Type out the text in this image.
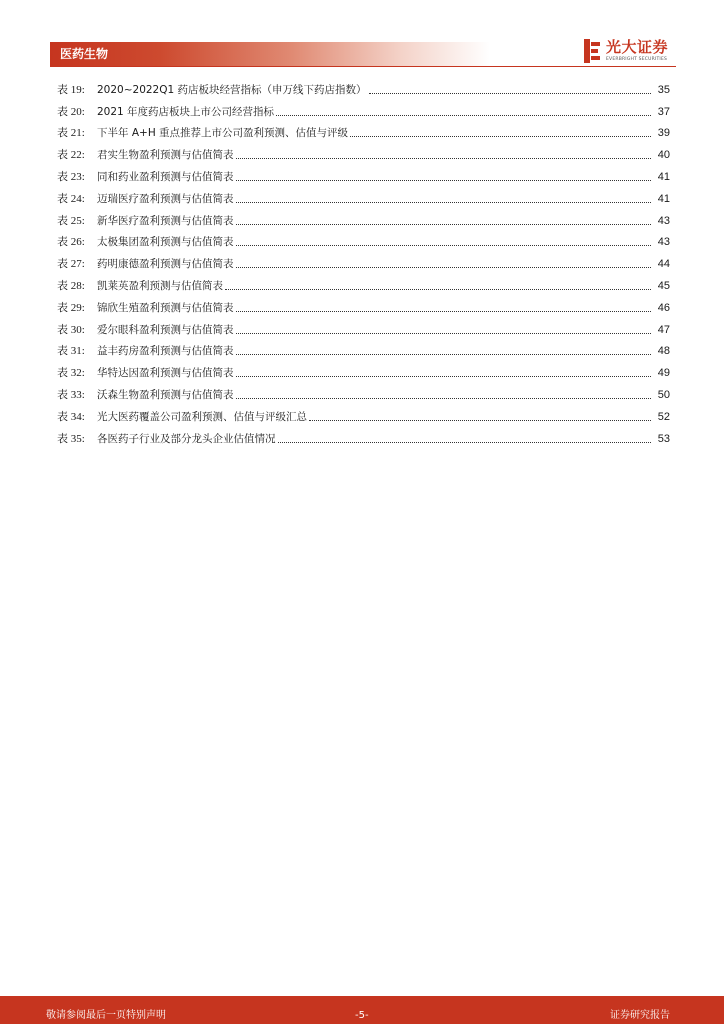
医药生物	光大证券
EVERBRIGHT SECURITIES
表 19:	2020~2022Q1 药店板块经营指标（申万线下药店指数）	35
表 20:	2021 年度药店板块上市公司经营指标	37
表 21:	下半年 A+H 重点推荐上市公司盈利预测、估值与评级	39
表 22:	君实生物盈利预测与估值简表	40
表 23:	同和药业盈利预测与估值简表	41
表 24:	迈瑞医疗盈利预测与估值简表	41
表 25:	新华医疗盈利预测与估值简表	43
表 26:	太极集团盈利预测与估值简表	43
表 27:	药明康德盈利预测与估值简表	44
表 28:	凯莱英盈利预测与估值简表	45
表 29:	锦欣生殖盈利预测与估值简表	46
表 30:	爱尔眼科盈利预测与估值简表	47
表 31:	益丰药房盈利预测与估值简表	48
表 32:	华特达因盈利预测与估值简表	49
表 33:	沃森生物盈利预测与估值简表	50
表 34:	光大医药覆盖公司盈利预测、估值与评级汇总	52
表 35:	各医药子行业及部分龙头企业估值情况	53
敬请参阅最后一页特别声明	-5-	证券研究报告
